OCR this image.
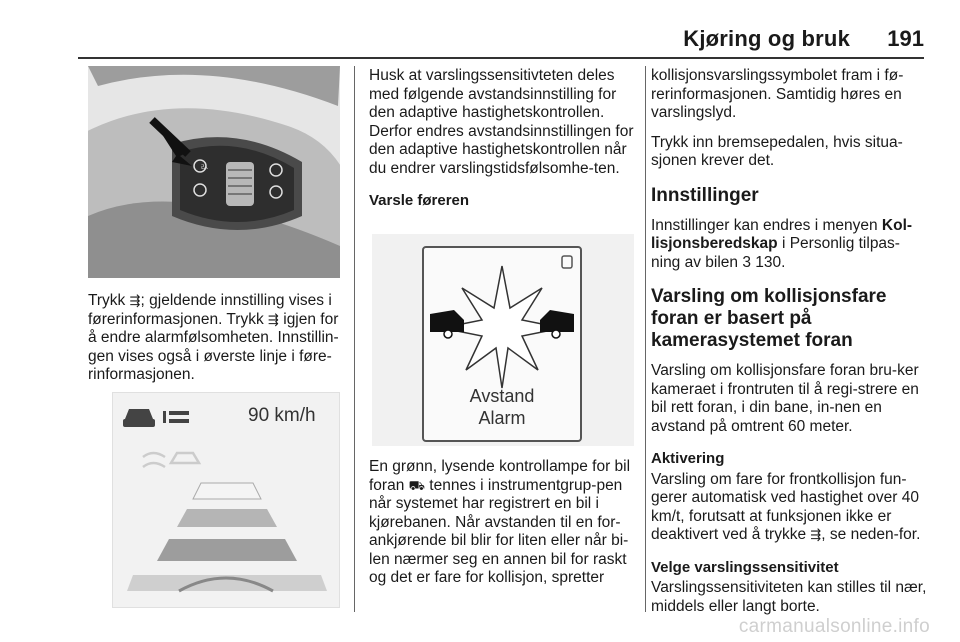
Kjøring og bruk 191
ﾭ

Trykk ⇶; gjeldende innstilling vises i førerinformasjonen. Trykk ⇶ igjen for å endre alarmfølsomheten. Innstillin-gen vises også i øverste linje i føre-rinformasjonen.

90 km/h

Husk at varslingssensitivteten deles med følgende avstandsinnstilling for den adaptive hastighetskontrollen. Derfor endres avstandsinnstillingen for den adaptive hastighetskontrollen når du endrer varslingstidsfølsomhe-ten.

Varsle føreren
Avstand
Alarm

En grønn, lysende kontrollampe for bil foran ⛟ tennes i instrumentgrup-pen når systemet har registrert en bil i kjørebanen. Når avstanden til en for-ankjørende bil blir for liten eller når bi-len nærmer seg en annen bil for raskt og det er fare for kollisjon, spretter

kollisjonsvarslingssymbolet fram i fø-rerinformasjonen. Samtidig høres en varslingslyd.

Trykk inn bremsepedalen, hvis situa-sjonen krever det.

Innstillinger

Innstillinger kan endres i menyen Kol-lisjonsberedskap i Personlig tilpas-ning av bilen 3 130.

Varsling om kollisjonsfare foran er basert på kamerasystemet foran

Varsling om kollisjonsfare foran bru-ker kameraet i frontruten til å regi-strere en bil rett foran, i din bane, in-nen en avstand på omtrent 60 meter.

Aktivering

Varsling om fare for frontkollisjon fun-gerer automatisk ved hastighet over 40 km/t, forutsatt at funksjonen ikke er deaktivert ved å trykke ⇶, se neden-for.

Velge varslingssensitivitet

Varslingssensitiviteten kan stilles til nær, middels eller langt borte.

carmanualsonline.info
